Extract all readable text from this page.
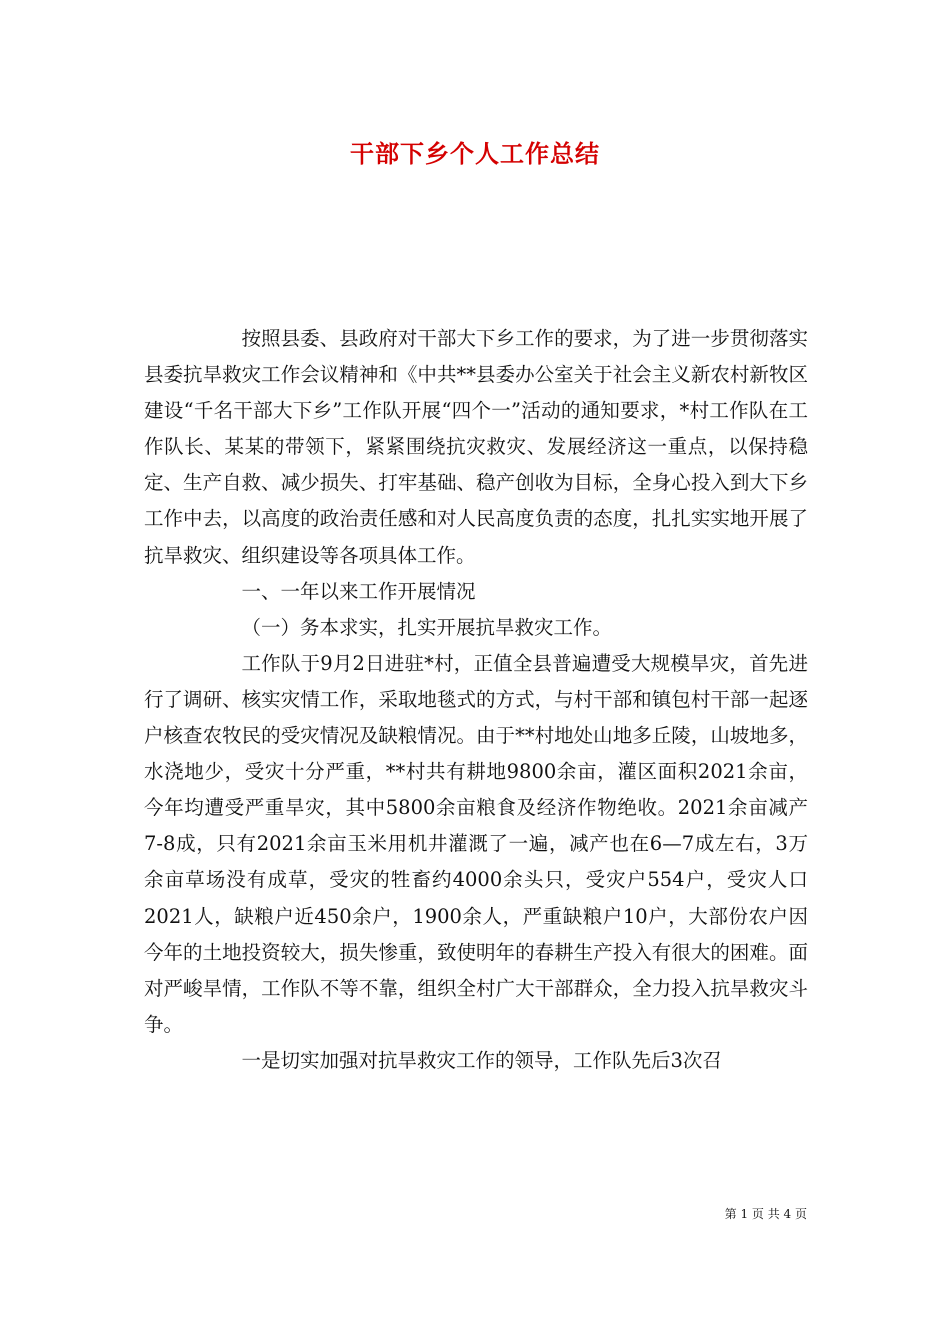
干部下乡个人工作总结

按照县委、县政府对干部大下乡工作的要求，为了进一步贯彻落实县委抗旱救灾工作会议精神和《中共**县委办公室关于社会主义新农村新牧区建设“千名干部大下乡”工作队开展“四个一”活动的通知要求，*村工作队在工作队长、某某的带领下，紧紧围绕抗灾救灾、发展经济这一重点，以保持稳定、生产自救、减少损失、打牢基础、稳产创收为目标，全身心投入到大下乡工作中去，以高度的政治责任感和对人民高度负责的态度，扎扎实实地开展了抗旱救灾、组织建设等各项具体工作。

一、一年以来工作开展情况

（一）务本求实，扎实开展抗旱救灾工作。

工作队于9月2日进驻*村，正值全县普遍遭受大规模旱灾，首先进行了调研、核实灾情工作，采取地毯式的方式，与村干部和镇包村干部一起逐户核查农牧民的受灾情况及缺粮情况。由于**村地处山地多丘陵，山坡地多，水浇地少，受灾十分严重，**村共有耕地9800余亩，灌区面积2021余亩，今年均遭受严重旱灾，其中5800余亩粮食及经济作物绝收。2021余亩减产7-8成，只有2021余亩玉米用机井灌溉了一遍，减产也在6—7成左右，3万余亩草场没有成草，受灾的牲畜约4000余头只，受灾户554户，受灾人口2021人，缺粮户近450余户，1900余人，严重缺粮户10户，大部份农户因今年的土地投资较大，损失惨重，致使明年的春耕生产投入有很大的困难。面对严峻旱情，工作队不等不靠，组织全村广大干部群众，全力投入抗旱救灾斗争。

一是切实加强对抗旱救灾工作的领导，工作队先后3次召

第 1 页 共 4 页
